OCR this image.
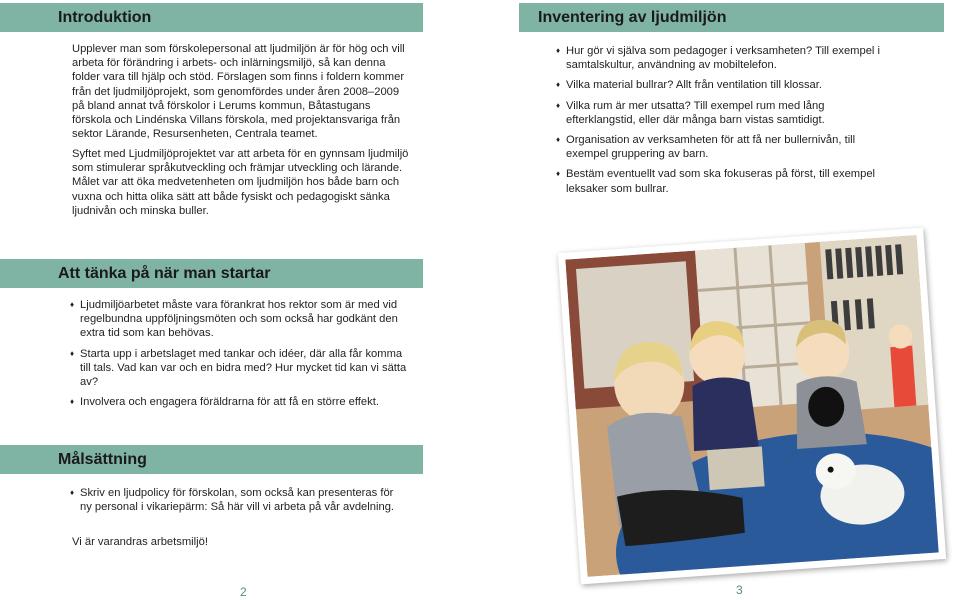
Introduktion

Upplever man som förskolepersonal att ljudmiljön är för hög och vill arbeta för förändring i arbets- och inlärningsmiljö, så kan denna folder vara till hjälp och stöd. Förslagen som finns i foldern kommer från det ljudmiljöprojekt, som genomfördes under åren 2008–2009 på bland annat två förskolor i Lerums kommun, Båtastugans förskola och Lindénska Villans förskola, med projektansvariga från sektor Lärande, Resursenheten, Centrala teamet.

Syftet med Ljudmiljöprojektet var att arbeta för en gynnsam ljudmiljö som stimulerar språkutveckling och främjar utveckling och lärande. Målet var att öka medvetenheten om ljudmiljön hos både barn och vuxna och hitta olika sätt att både fysiskt och pedagogiskt sänka ljudnivån och minska buller.

Att tänka på när man startar
♦ Ljudmiljöarbetet måste vara förankrat hos rektor som är med vid regelbundna uppföljningsmöten och som också har godkänt den extra tid som kan behövas.
♦ Starta upp i arbetslaget med tankar och idéer, där alla får komma till tals. Vad kan var och en bidra med? Hur mycket tid kan vi sätta av?
♦ Involvera och engagera föräldrarna för att få en större effekt.
Målsättning
♦ Skriv en ljudpolicy för förskolan, som också kan presenteras för ny personal i vikariepärm: Så här vill vi arbeta på vår avdelning.

Vi är varandras arbetsmiljö!

2
Inventering av ljudmiljön
♦ Hur gör vi själva som pedagoger i verksamheten? Till exempel i samtalskultur, användning av mobiltelefon.
♦ Vilka material bullrar? Allt från ventilation till klossar.
♦ Vilka rum är mer utsatta? Till exempel rum med lång efterklangstid, eller där många barn vistas samtidigt.
♦ Organisation av verksamheten för att få ner bullernivån, till exempel gruppering av barn.
♦ Bestäm eventuellt vad som ska fokuseras på först, till exempel leksaker som bullrar.
3
